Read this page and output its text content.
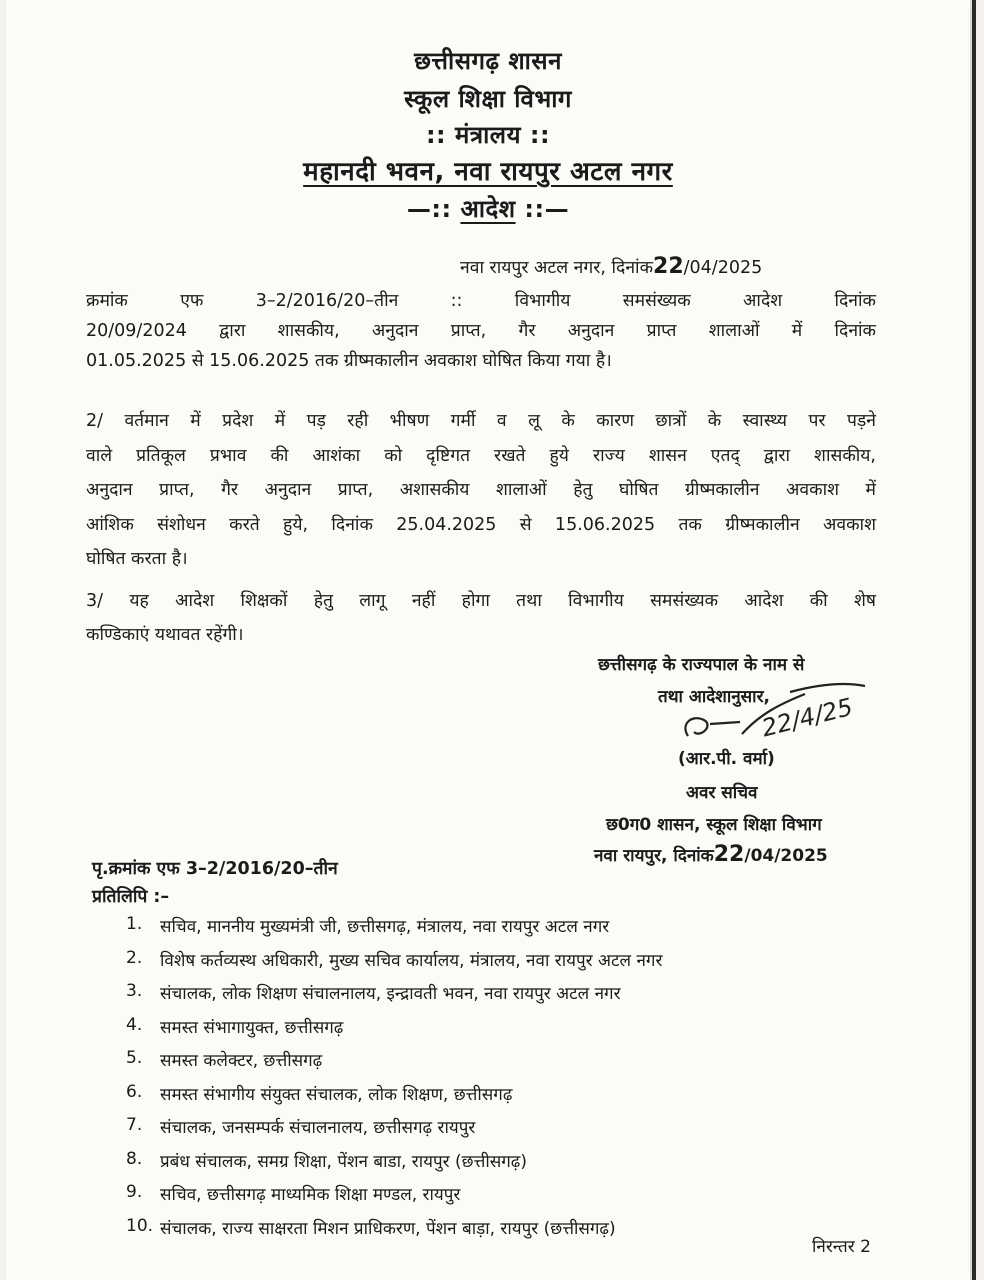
छत्तीसगढ़ शासन
स्कूल शिक्षा विभाग
:: मंत्रालय ::
महानदी भवन, नवा रायपुर अटल नगर
—:: आदेश ::—
नवा रायपुर अटल नगर, दिनांक22/04/2025
क्रमांक एफ 3–2/2016/20–तीन :: विभागीय समसंख्यक आदेश दिनांक
20/09/2024 द्वारा शासकीय, अनुदान प्राप्त, गैर अनुदान प्राप्त शालाओं में दिनांक
01.05.2025 से 15.06.2025 तक ग्रीष्मकालीन अवकाश घोषित किया गया है।
2/ वर्तमान में प्रदेश में पड़ रही भीषण गर्मी व लू के कारण छात्रों के स्वास्थ्य पर पड़ने
वाले प्रतिकूल प्रभाव की आशंका को दृष्टिगत रखते हुये राज्य शासन एतद् द्वारा शासकीय,
अनुदान प्राप्त, गैर अनुदान प्राप्त, अशासकीय शालाओं हेतु घोषित ग्रीष्मकालीन अवकाश में
आंशिक संशोधन करते हुये, दिनांक 25.04.2025 से 15.06.2025 तक ग्रीष्मकालीन अवकाश
घोषित करता है।
3/ यह आदेश शिक्षकों हेतु लागू नहीं होगा तथा विभागीय समसंख्यक आदेश की शेष
कण्डिकाएं यथावत रहेंगी।
छत्तीसगढ़ के राज्यपाल के नाम से
तथा आदेशानुसार,
22/4/25
(आर.पी. वर्मा)
अवर सचिव
छ0ग0 शासन, स्कूल शिक्षा विभाग
नवा रायपुर, दिनांक22/04/2025
पृ.क्रमांक एफ 3–2/2016/20–तीन
प्रतिलिपि :–
1.	सचिव, माननीय मुख्यमंत्री जी, छत्तीसगढ़, मंत्रालय, नवा रायपुर अटल नगर
2.	विशेष कर्तव्यस्थ अधिकारी, मुख्य सचिव कार्यालय, मंत्रालय, नवा रायपुर अटल नगर
3.	संचालक, लोक शिक्षण संचालनालय, इन्द्रावती भवन, नवा रायपुर अटल नगर
4.	समस्त संभागायुक्त, छत्तीसगढ़
5.	समस्त कलेक्टर, छत्तीसगढ़
6.	समस्त संभागीय संयुक्त संचालक, लोक शिक्षण, छत्तीसगढ़
7.	संचालक, जनसम्पर्क संचालनालय, छत्तीसगढ़ रायपुर
8.	प्रबंध संचालक, समग्र शिक्षा, पेंशन बाडा, रायपुर (छत्तीसगढ़)
9.	सचिव, छत्तीसगढ़ माध्यमिक शिक्षा मण्डल, रायपुर
10. संचालक, राज्य साक्षरता मिशन प्राधिकरण, पेंशन बाड़ा, रायपुर (छत्तीसगढ़)
निरन्तर 2
